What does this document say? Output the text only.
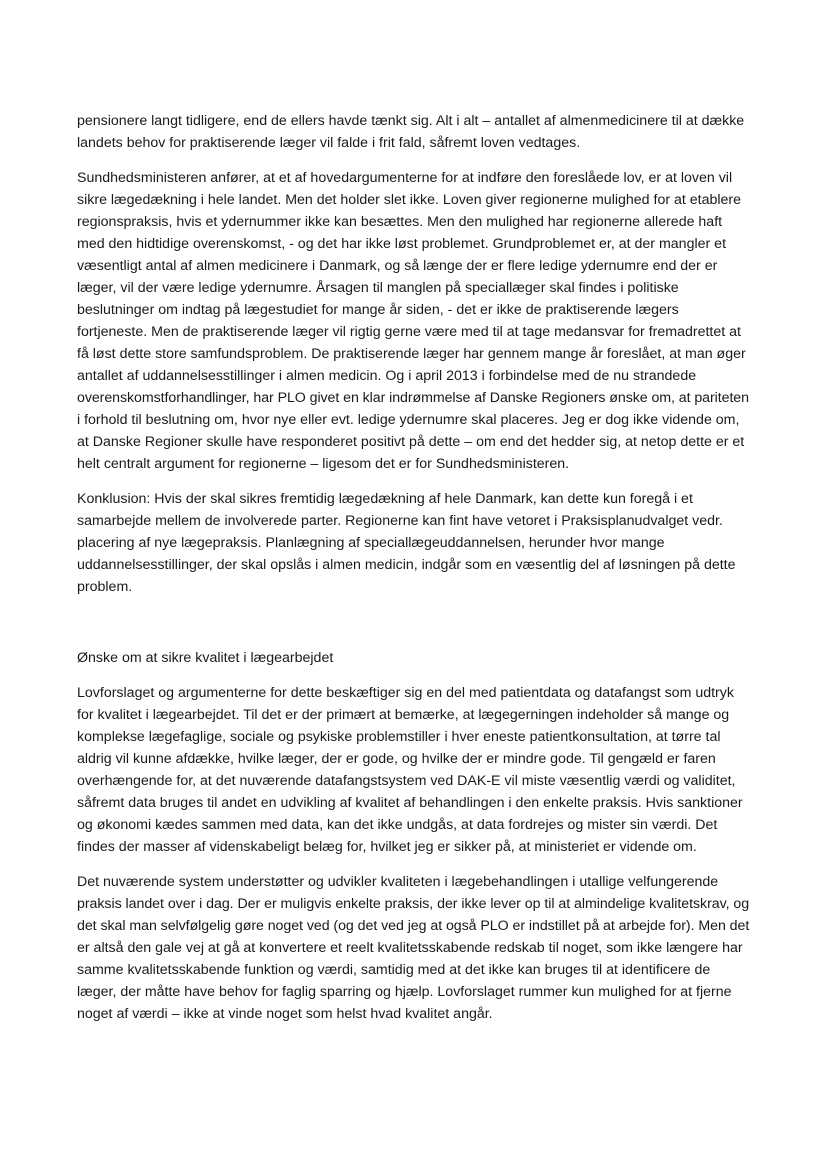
pensionere langt tidligere, end de ellers havde tænkt sig. Alt i alt – antallet af almenmedicinere til at dække
landets behov for praktiserende læger vil falde i frit fald, såfremt loven vedtages.
Sundhedsministeren anfører, at et af hovedargumenterne for at indføre den foreslåede lov, er at loven vil
sikre lægedækning i hele landet. Men det holder slet ikke. Loven giver regionerne mulighed for at etablere
regionspraksis, hvis et ydernummer ikke kan besættes. Men den mulighed har regionerne allerede haft
med den hidtidige overenskomst, - og det har ikke løst problemet. Grundproblemet er, at der mangler et
væsentligt antal af almen medicinere i Danmark, og så længe der er flere ledige ydernumre end der er
læger, vil der være ledige ydernumre. Årsagen til manglen på speciallæger skal findes i politiske
beslutninger om indtag på lægestudiet for mange år siden, - det er ikke de praktiserende lægers
fortjeneste. Men de praktiserende læger vil rigtig gerne være med til at tage medansvar for fremadrettet at
få løst dette store samfundsproblem. De praktiserende læger har gennem mange år foreslået, at man øger
antallet af uddannelsesstillinger i almen medicin. Og i april 2013 i forbindelse med de nu strandede
overenskomstforhandlinger, har PLO givet en klar indrømmelse af Danske Regioners ønske om, at pariteten
i forhold til beslutning om, hvor nye eller evt. ledige ydernumre skal placeres. Jeg er dog ikke vidende om,
at Danske Regioner skulle have responderet positivt på dette – om end det hedder sig, at netop dette er et
helt centralt argument for regionerne – ligesom det er for Sundhedsministeren.
Konklusion: Hvis der skal sikres fremtidig lægedækning af hele Danmark, kan dette kun foregå i et
samarbejde mellem de involverede parter. Regionerne kan fint have vetoret i Praksisplanudvalget vedr.
placering af nye lægepraksis. Planlægning af speciallægeuddannelsen, herunder hvor mange
uddannelsesstillinger, der skal opslås i almen medicin, indgår som en væsentlig del af løsningen på dette
problem.
Ønske om at sikre kvalitet i lægearbejdet
Lovforslaget og argumenterne for dette beskæftiger sig en del med patientdata og datafangst som udtryk
for kvalitet i lægearbejdet. Til det er der primært at bemærke, at lægegerningen indeholder så mange og
komplekse lægefaglige, sociale og psykiske problemstiller i hver eneste patientkonsultation, at tørre tal
aldrig vil kunne afdække, hvilke læger, der er gode, og hvilke der er mindre gode. Til gengæld er faren
overhængende for, at det nuværende datafangstsystem ved DAK-E vil miste væsentlig værdi og validitet,
såfremt data bruges til andet en udvikling af kvalitet af behandlingen i den enkelte praksis. Hvis sanktioner
og økonomi kædes sammen med data, kan det ikke undgås, at data fordrejes og mister sin værdi. Det
findes der masser af videnskabeligt belæg for, hvilket jeg er sikker på, at ministeriet er vidende om.
Det nuværende system understøtter og udvikler kvaliteten i lægebehandlingen i utallige velfungerende
praksis landet over i dag. Der er muligvis enkelte praksis, der ikke lever op til at almindelige kvalitetskrav, og
det skal man selvfølgelig gøre noget ved (og det ved jeg at også PLO er indstillet på at arbejde for). Men det
er altså den gale vej at gå at konvertere et reelt kvalitetsskabende redskab til noget, som ikke længere har
samme kvalitetsskabende funktion og værdi, samtidig med at det ikke kan bruges til at identificere de
læger, der måtte have behov for faglig sparring og hjælp. Lovforslaget rummer kun mulighed for at fjerne
noget af værdi – ikke at vinde noget som helst hvad kvalitet angår.
